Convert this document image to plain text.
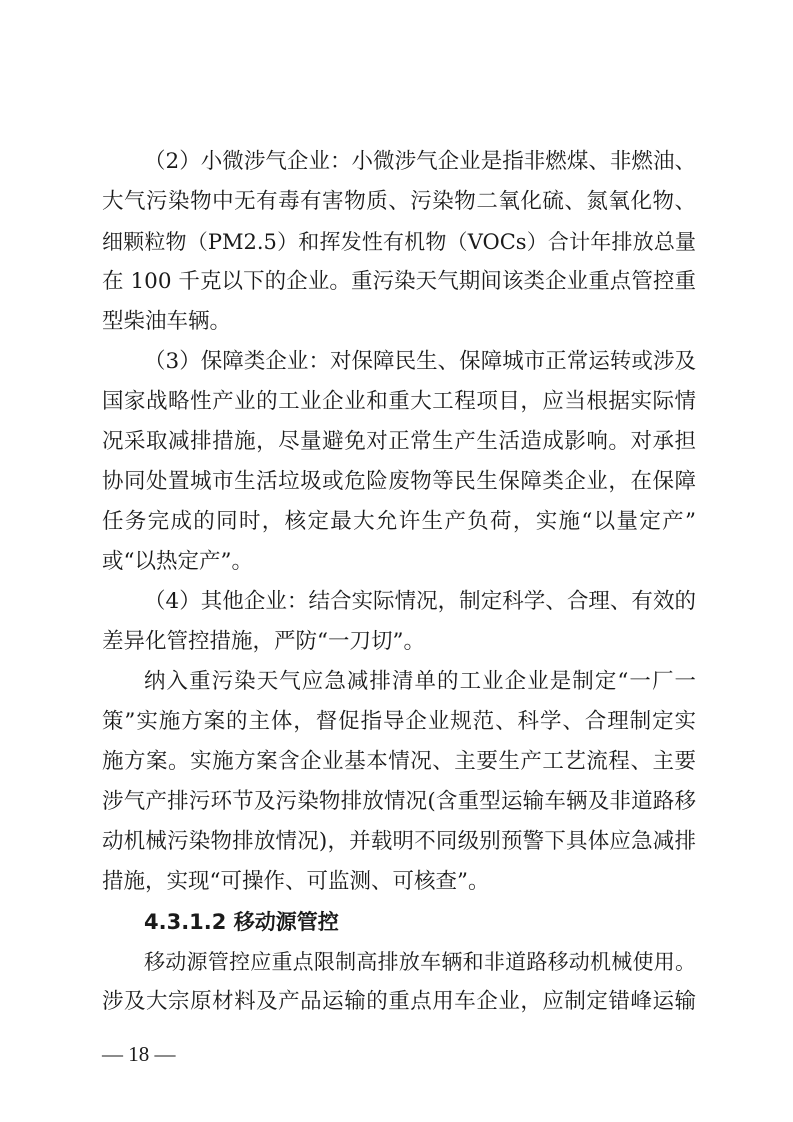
（2）小微涉气企业：小微涉气企业是指非燃煤、非燃油、
大气污染物中无有毒有害物质、污染物二氧化硫、氮氧化物、
细颗粒物（PM2.5）和挥发性有机物（VOCs）合计年排放总量
在 100 千克以下的企业。重污染天气期间该类企业重点管控重
型柴油车辆。
（3）保障类企业：对保障民生、保障城市正常运转或涉及
国家战略性产业的工业企业和重大工程项目，应当根据实际情
况采取减排措施，尽量避免对正常生产生活造成影响。对承担
协同处置城市生活垃圾或危险废物等民生保障类企业，在保障
任务完成的同时，核定最大允许生产负荷，实施“以量定产”
或“以热定产”。
（4）其他企业：结合实际情况，制定科学、合理、有效的
差异化管控措施，严防“一刀切”。
纳入重污染天气应急减排清单的工业企业是制定“一厂一
策”实施方案的主体，督促指导企业规范、科学、合理制定实
施方案。实施方案含企业基本情况、主要生产工艺流程、主要
涉气产排污环节及污染物排放情况(含重型运输车辆及非道路移
动机械污染物排放情况)，并载明不同级别预警下具体应急减排
措施，实现“可操作、可监测、可核查”。
4.3.1.2 移动源管控
移动源管控应重点限制高排放车辆和非道路移动机械使用。
涉及大宗原材料及产品运输的重点用车企业，应制定错峰运输
— 18 —
